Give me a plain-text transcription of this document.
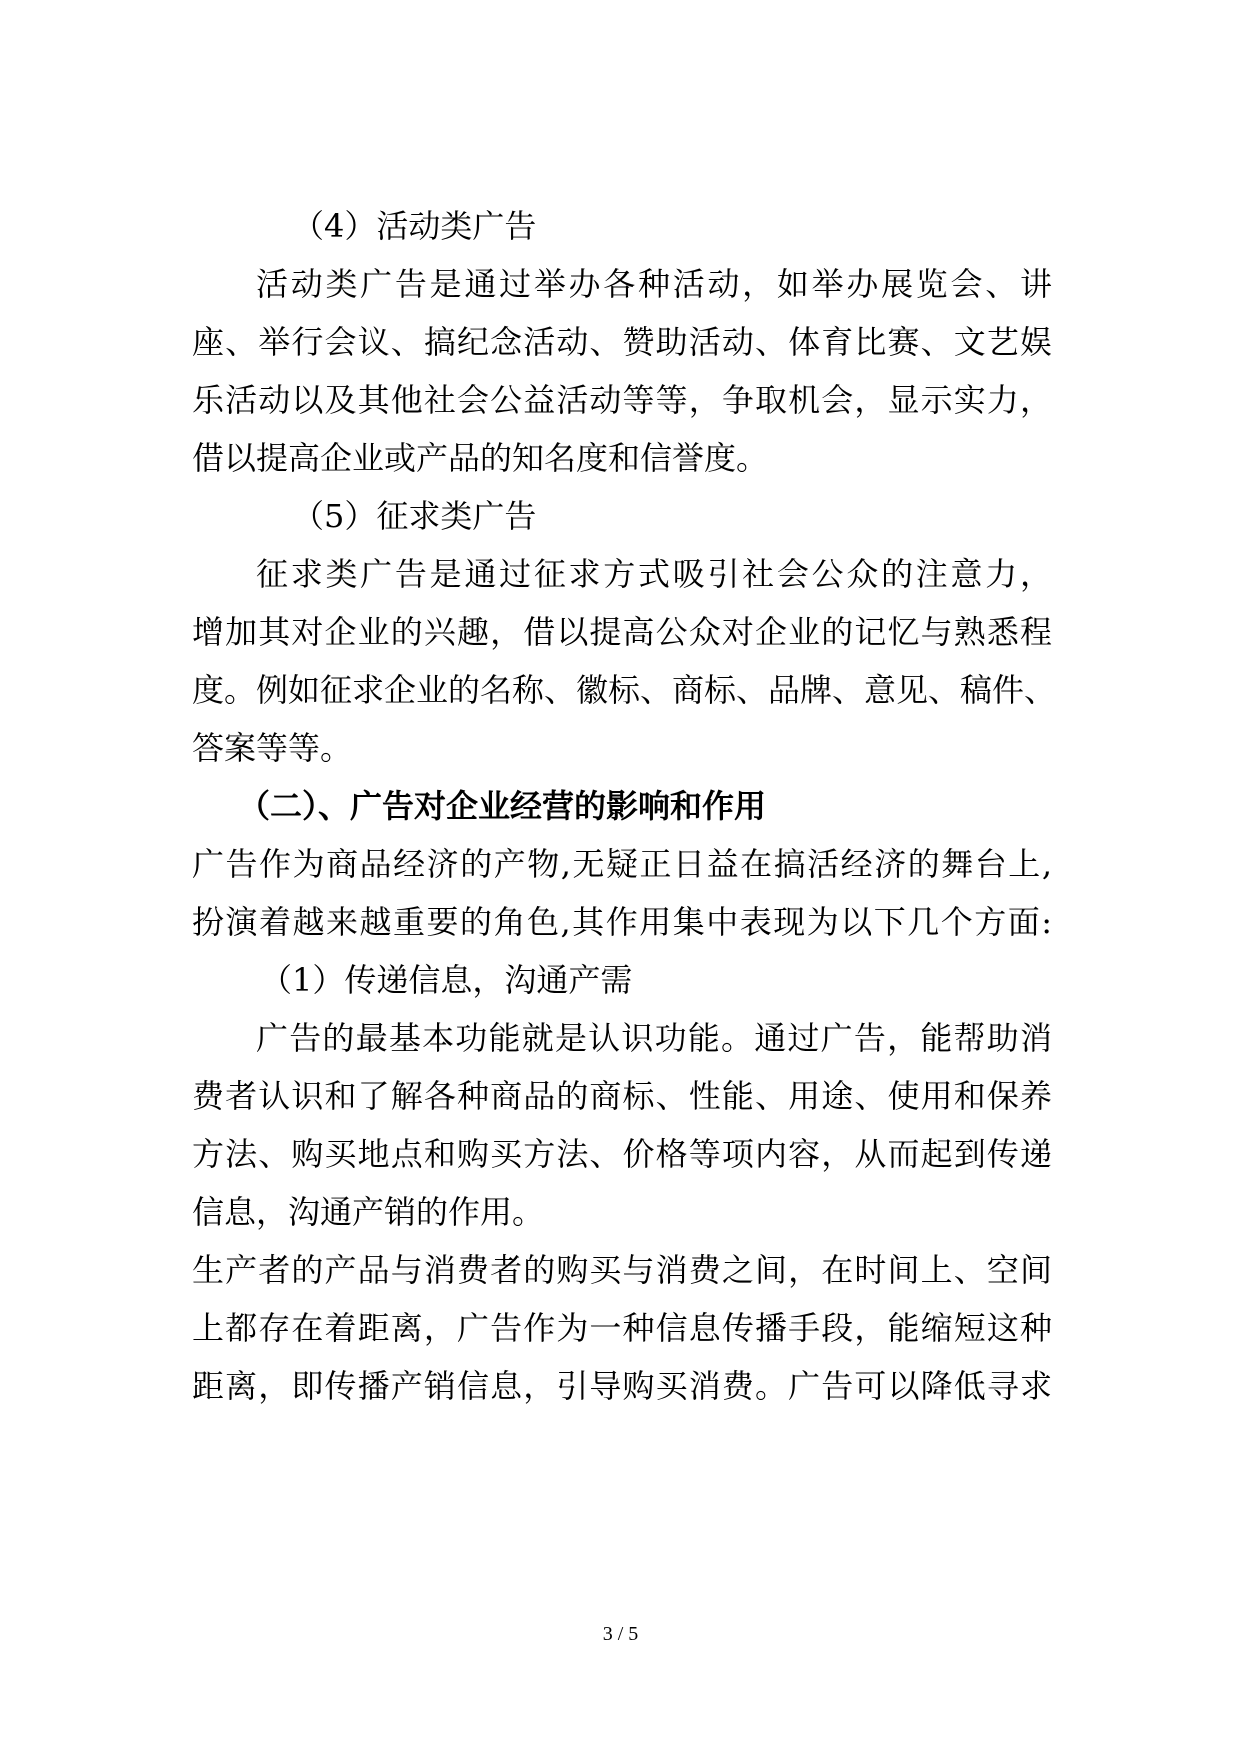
（4）活动类广告
活动类广告是通过举办各种活动，如举办展览会、讲
座、举行会议、搞纪念活动、赞助活动、体育比赛、文艺娱
乐活动以及其他社会公益活动等等，争取机会，显示实力，
借以提高企业或产品的知名度和信誉度。
（5）征求类广告
征求类广告是通过征求方式吸引社会公众的注意力，
增加其对企业的兴趣，借以提高公众对企业的记忆与熟悉程
度。例如征求企业的名称、徽标、商标、品牌、意见、稿件、
答案等等。
（二）、广告对企业经营的影响和作用
广告作为商品经济的产物,无疑正日益在搞活经济的舞台上,
扮演着越来越重要的角色,其作用集中表现为以下几个方面:
（1）传递信息，沟通产需
广告的最基本功能就是认识功能。通过广告，能帮助消
费者认识和了解各种商品的商标、性能、用途、使用和保养
方法、购买地点和购买方法、价格等项内容，从而起到传递
信息，沟通产销的作用。
生产者的产品与消费者的购买与消费之间，在时间上、空间
上都存在着距离，广告作为一种信息传播手段，能缩短这种
距离，即传播产销信息，引导购买消费。广告可以降低寻求
3 / 5
